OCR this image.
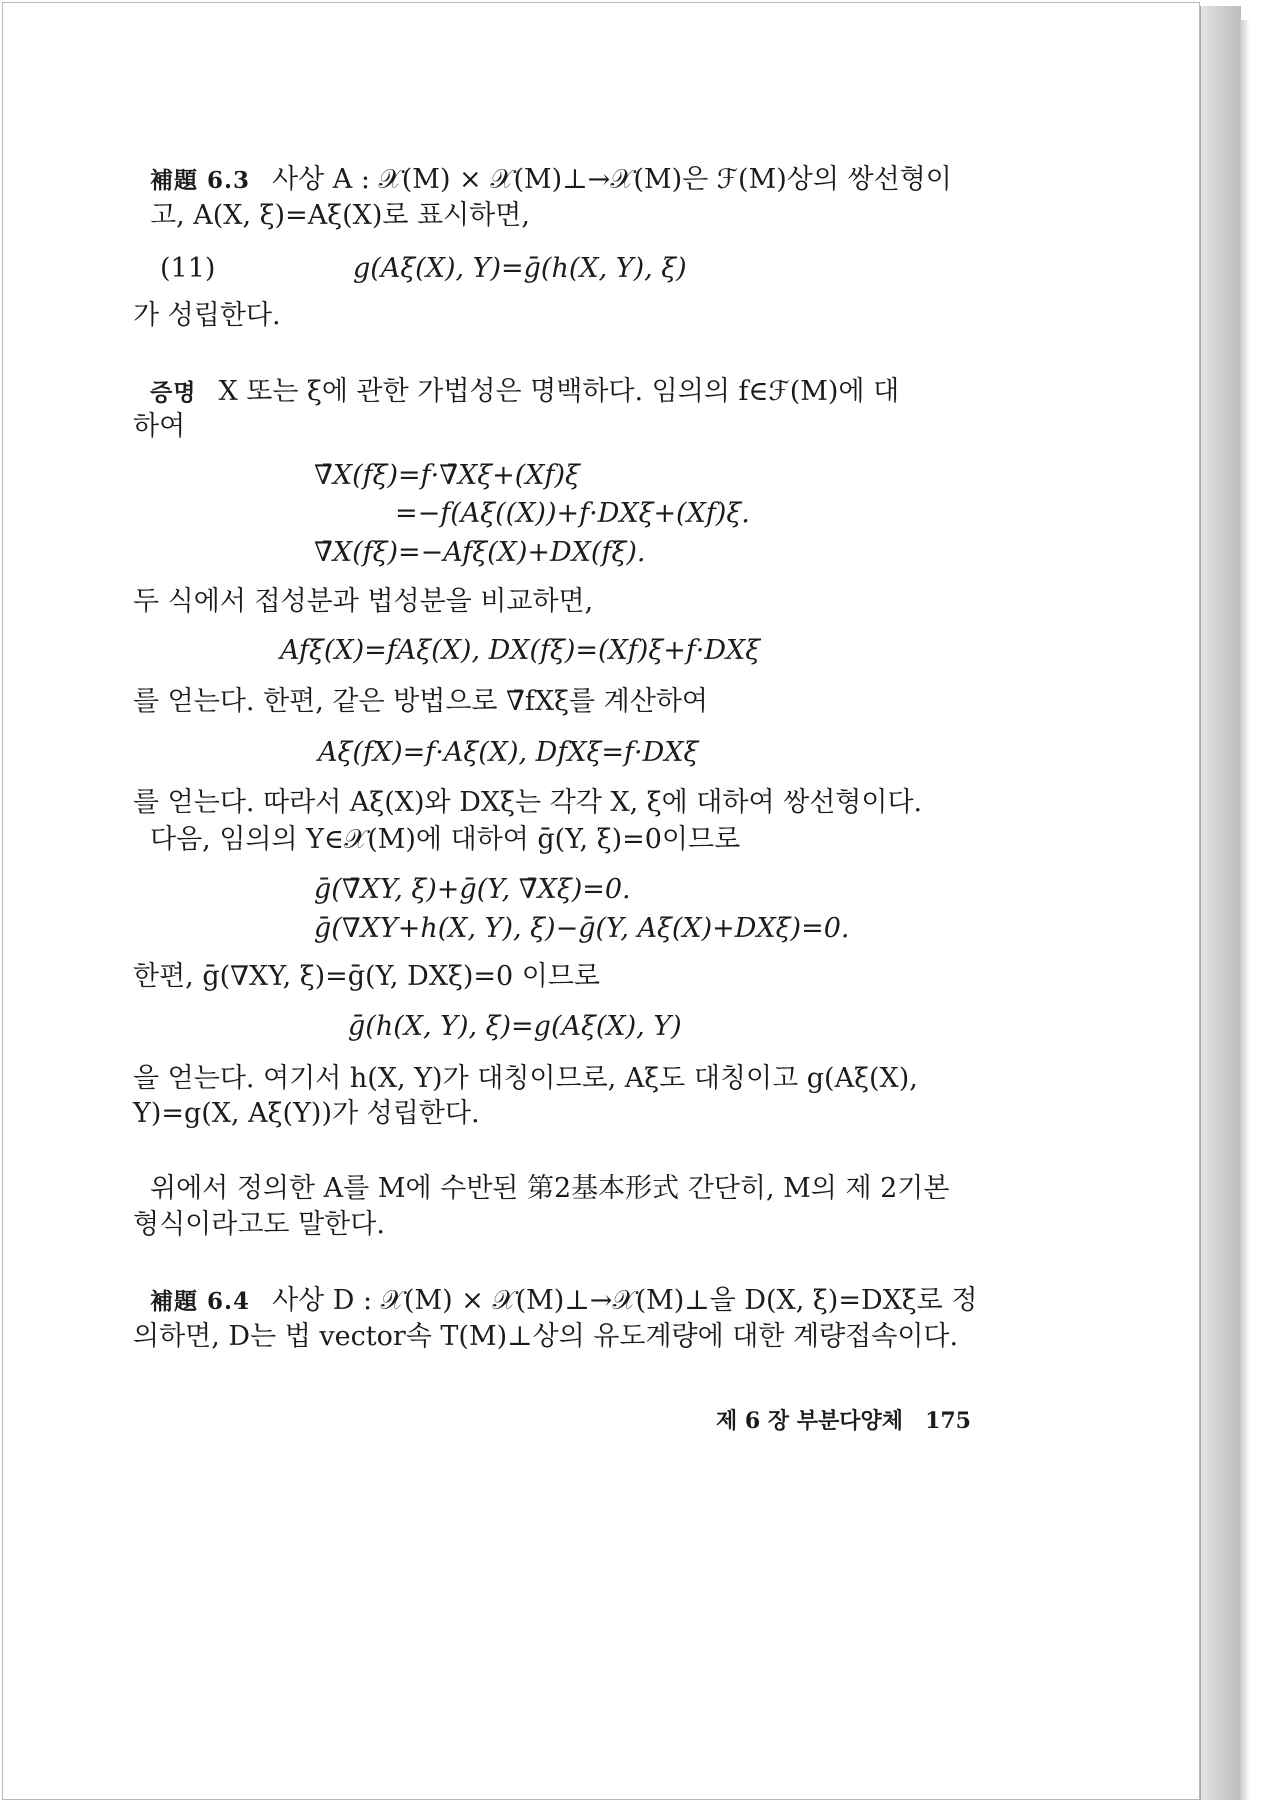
補題 6.3 사상 A : 𝒳(M) × 𝒳(M)⊥→𝒳(M)은 ℱ(M)상의 쌍선형이
고, A(X, ξ)=Aξ(X)로 표시하면,
(11)	g(Aξ(X), Y)=ḡ(h(X, Y), ξ)
가 성립한다.
증명 X 또는 ξ에 관한 가법성은 명백하다. 임의의 f∈ℱ(M)에 대
하여
∇̄X(fξ)=f·∇̄Xξ+(Xf)ξ
=−f(Aξ((X))+f·DXξ+(Xf)ξ.
∇̄X(fξ)=−Afξ(X)+DX(fξ).
두 식에서 접성분과 법성분을 비교하면,
Afξ(X)=fAξ(X), DX(fξ)=(Xf)ξ+f·DXξ
를 얻는다. 한편, 같은 방법으로 ∇̄fXξ를 계산하여
Aξ(fX)=f·Aξ(X), DfXξ=f·DXξ
를 얻는다. 따라서 Aξ(X)와 DXξ는 각각 X, ξ에 대하여 쌍선형이다.
다음, 임의의 Y∈𝒳(M)에 대하여 ḡ(Y, ξ)=0이므로
ḡ(∇̄XY, ξ)+ḡ(Y, ∇̄Xξ)=0.
ḡ(∇XY+h(X, Y), ξ)−ḡ(Y, Aξ(X)+DXξ)=0.
한편, ḡ(∇XY, ξ)=ḡ(Y, DXξ)=0 이므로
ḡ(h(X, Y), ξ)=g(Aξ(X), Y)
을 얻는다. 여기서 h(X, Y)가 대칭이므로, Aξ도 대칭이고 g(Aξ(X),
Y)=g(X, Aξ(Y))가 성립한다.
위에서 정의한 A를 M에 수반된 第2基本形式 간단히, M의 제 2기본
형식이라고도 말한다.
補題 6.4 사상 D : 𝒳(M) × 𝒳(M)⊥→𝒳(M)⊥을 D(X, ξ)=DXξ로 정
의하면, D는 법 vector속 T(M)⊥상의 유도계량에 대한 계량접속이다.
제 6 장 부분다양체 175
